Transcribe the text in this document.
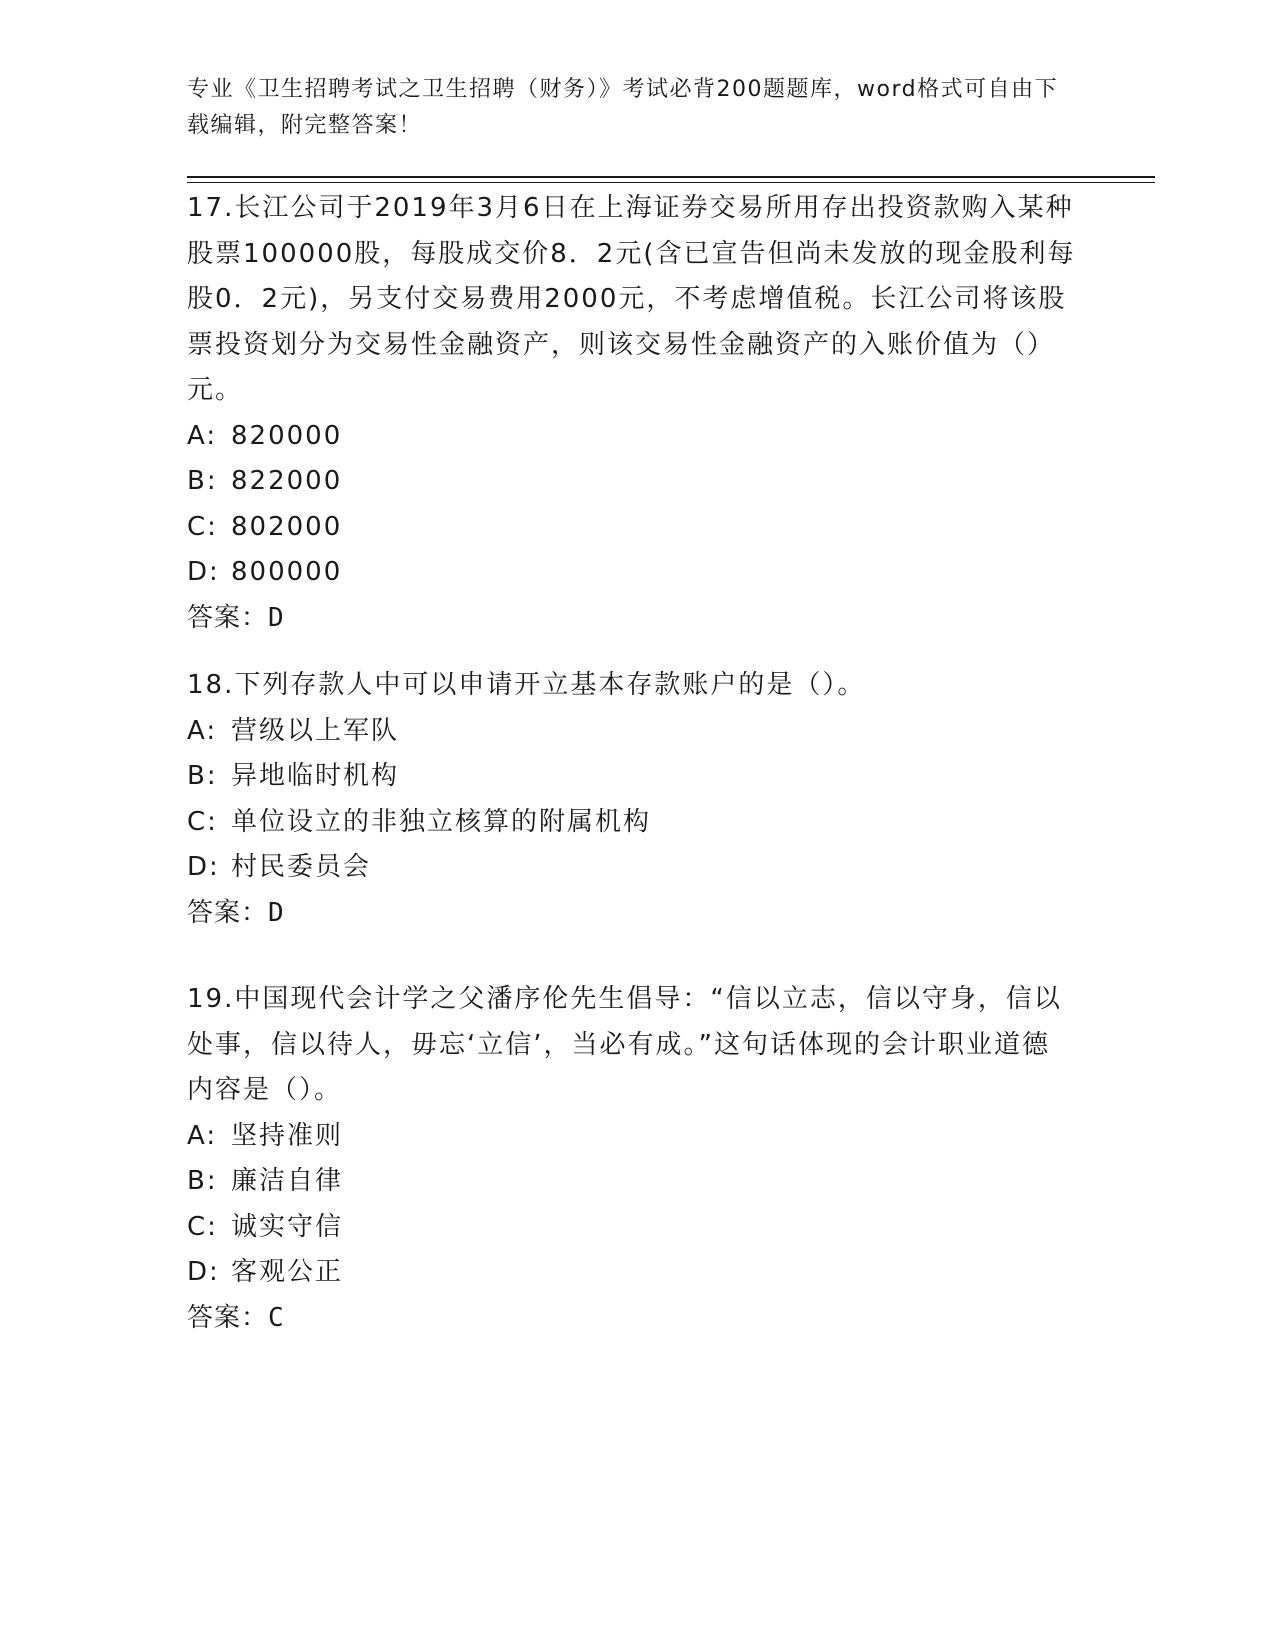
专业《卫生招聘考试之卫生招聘（财务）》考试必背200题题库，word格式可自由下载编辑，附完整答案！

17.长江公司于2019年3月6日在上海证券交易所用存出投资款购入某种股票100000股，每股成交价8．2元(含已宣告但尚未发放的现金股利每股0．2元)，另支付交易费用2000元，不考虑增值税。长江公司将该股票投资划分为交易性金融资产，则该交易性金融资产的入账价值为（）元。

A: 820000
B: 822000
C: 802000
D: 800000

答案：D

18.下列存款人中可以申请开立基本存款账户的是（）。

A: 营级以上军队
B: 异地临时机构
C: 单位设立的非独立核算的附属机构
D: 村民委员会

答案：D

19.中国现代会计学之父潘序伦先生倡导：“信以立志，信以守身，信以处事，信以待人，毋忘‘立信’，当必有成。”这句话体现的会计职业道德内容是（）。

A: 坚持准则
B: 廉洁自律
C: 诚实守信
D: 客观公正

答案：C
